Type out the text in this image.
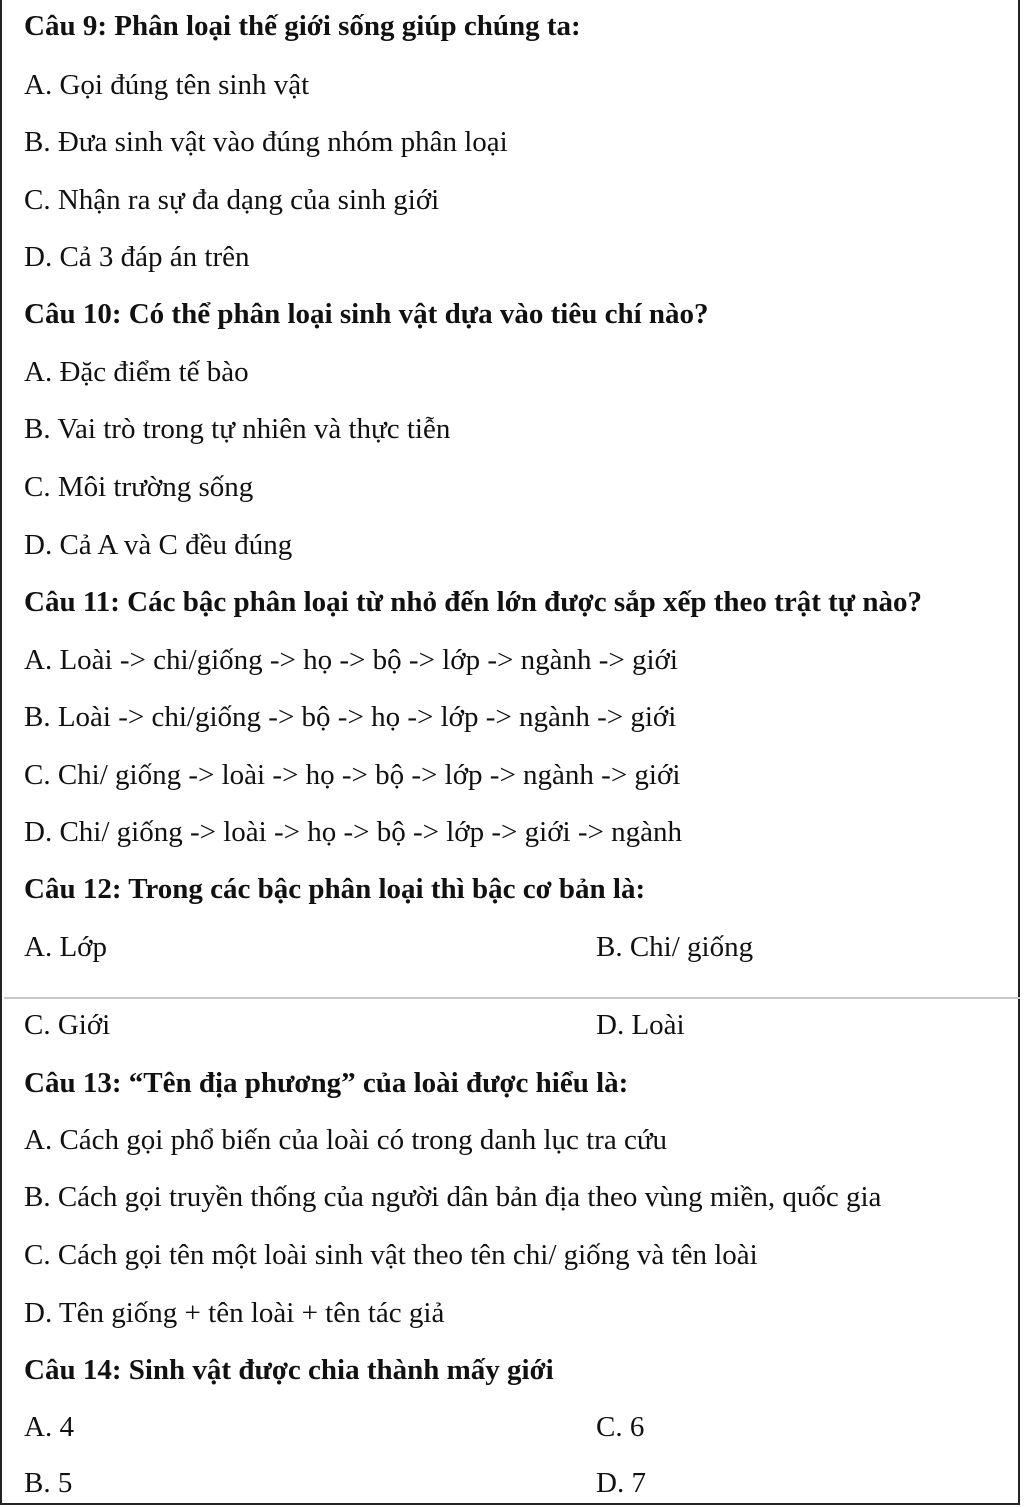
Câu 9: Phân loại thế giới sống giúp chúng ta:
A. Gọi đúng tên sinh vật
B. Đưa sinh vật vào đúng nhóm phân loại
C. Nhận ra sự đa dạng của sinh giới
D. Cả 3 đáp án trên
Câu 10: Có thể phân loại sinh vật dựa vào tiêu chí nào?
A. Đặc điểm tế bào
B. Vai trò trong tự nhiên và thực tiễn
C. Môi trường sống
D. Cả A và C đều đúng
Câu 11: Các bậc phân loại từ nhỏ đến lớn được sắp xếp theo trật tự nào?
A. Loài -> chi/giống -> họ -> bộ -> lớp -> ngành -> giới
B. Loài -> chi/giống -> bộ -> họ -> lớp -> ngành -> giới
C. Chi/ giống -> loài -> họ -> bộ -> lớp -> ngành -> giới
D. Chi/ giống -> loài -> họ -> bộ -> lớp -> giới -> ngành
Câu 12: Trong các bậc phân loại thì bậc cơ bản là:
A. Lớp	B. Chi/ giống
C. Giới	D. Loài
Câu 13: “Tên địa phương” của loài được hiểu là:
A. Cách gọi phổ biến của loài có trong danh lục tra cứu
B. Cách gọi truyền thống của người dân bản địa theo vùng miền, quốc gia
C. Cách gọi tên một loài sinh vật theo tên chi/ giống và tên loài
D. Tên giống + tên loài + tên tác giả
Câu 14: Sinh vật được chia thành mấy giới
A. 4	C. 6
B. 5	D. 7
